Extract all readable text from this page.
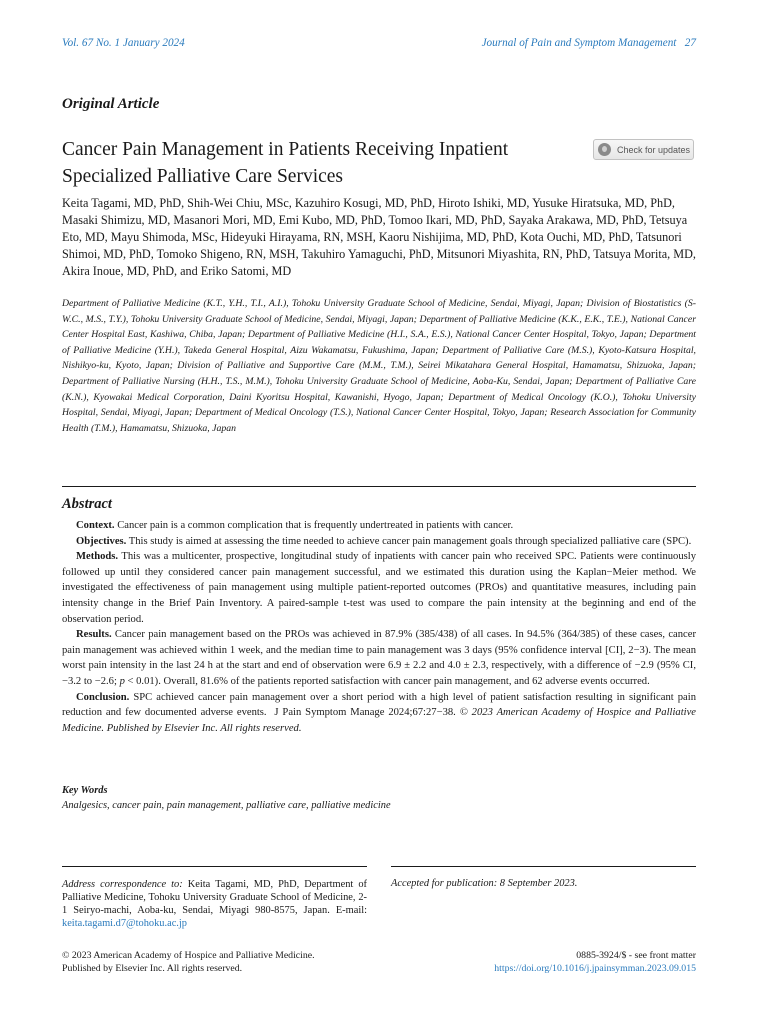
Vol. 67 No. 1 January 2024	Journal of Pain and Symptom Management   27
Original Article
Cancer Pain Management in Patients Receiving Inpatient Specialized Palliative Care Services
Check for updates
Keita Tagami, MD, PhD, Shih-Wei Chiu, MSc, Kazuhiro Kosugi, MD, PhD, Hiroto Ishiki, MD, Yusuke Hiratsuka, MD, PhD, Masaki Shimizu, MD, Masanori Mori, MD, Emi Kubo, MD, PhD, Tomoo Ikari, MD, PhD, Sayaka Arakawa, MD, PhD, Tetsuya Eto, MD, Mayu Shimoda, MSc, Hideyuki Hirayama, RN, MSH, Kaoru Nishijima, MD, PhD, Kota Ouchi, MD, PhD, Tatsunori Shimoi, MD, PhD, Tomoko Shigeno, RN, MSH, Takuhiro Yamaguchi, PhD, Mitsunori Miyashita, RN, PhD, Tatsuya Morita, MD, Akira Inoue, MD, PhD, and Eriko Satomi, MD
Department of Palliative Medicine (K.T., Y.H., T.I., A.I.), Tohoku University Graduate School of Medicine, Sendai, Miyagi, Japan; Division of Biostatistics (S-W.C., M.S., T.Y.), Tohoku University Graduate School of Medicine, Sendai, Miyagi, Japan; Department of Palliative Medicine (K.K., E.K., T.E.), National Cancer Center Hospital East, Kashiwa, Chiba, Japan; Department of Palliative Medicine (H.I., S.A., E.S.), National Cancer Center Hospital, Tokyo, Japan; Department of Palliative Medicine (Y.H.), Takeda General Hospital, Aizu Wakamatsu, Fukushima, Japan; Department of Palliative Care (M.S.), Kyoto-Katsura Hospital, Nishikyo-ku, Kyoto, Japan; Division of Palliative and Supportive Care (M.M., T.M.), Seirei Mikatahara General Hospital, Hamamatsu, Shizuoka, Japan; Department of Palliative Nursing (H.H., T.S., M.M.), Tohoku University Graduate School of Medicine, Aoba-Ku, Sendai, Japan; Department of Palliative Care (K.N.), Kyowakai Medical Corporation, Daini Kyoritsu Hospital, Kawanishi, Hyogo, Japan; Department of Medical Oncology (K.O.), Tohoku University Hospital, Sendai, Miyagi, Japan; Department of Medical Oncology (T.S.), National Cancer Center Hospital, Tokyo, Japan; Research Association for Community Health (T.M.), Hamamatsu, Shizuoka, Japan
Abstract

Context. Cancer pain is a common complication that is frequently undertreated in patients with cancer.

Objectives. This study is aimed at assessing the time needed to achieve cancer pain management goals through specialized palliative care (SPC).

Methods. This was a multicenter, prospective, longitudinal study of inpatients with cancer pain who received SPC. Patients were continuously followed up until they considered cancer pain management successful, and we estimated this duration using the Kaplan−Meier method. We investigated the effectiveness of pain management using multiple patient-reported outcomes (PROs) and quantitative measures, including pain intensity change in the Brief Pain Inventory. A paired-sample t-test was used to compare the pain intensity at the beginning and end of the observation period.

Results. Cancer pain management based on the PROs was achieved in 87.9% (385/438) of all cases. In 94.5% (364/385) of these cases, cancer pain management was achieved within 1 week, and the median time to pain management was 3 days (95% confidence interval [CI], 2−3). The mean worst pain intensity in the last 24 h at the start and end of observation were 6.9 ± 2.2 and 4.0 ± 2.3, respectively, with a difference of −2.9 (95% CI, −3.2 to −2.6; p < 0.01). Overall, 81.6% of the patients reported satisfaction with cancer pain management, and 62 adverse events occurred.

Conclusion. SPC achieved cancer pain management over a short period with a high level of patient satisfaction resulting in significant pain reduction and few documented adverse events.  J Pain Symptom Manage 2024;67:27−38. © 2023 American Academy of Hospice and Palliative Medicine. Published by Elsevier Inc. All rights reserved.

Key Words
Analgesics, cancer pain, pain management, palliative care, palliative medicine
Address correspondence to: Keita Tagami, MD, PhD, Department of Palliative Medicine, Tohoku University Graduate School of Medicine, 2-1 Seiryo-machi, Aoba-ku, Sendai, Miyagi 980-8575, Japan. E-mail: keita.tagami.d7@tohoku.ac.jp
Accepted for publication: 8 September 2023.
© 2023 American Academy of Hospice and Palliative Medicine.
Published by Elsevier Inc. All rights reserved.
0885-3924/$ - see front matter
https://doi.org/10.1016/j.jpainsymman.2023.09.015
